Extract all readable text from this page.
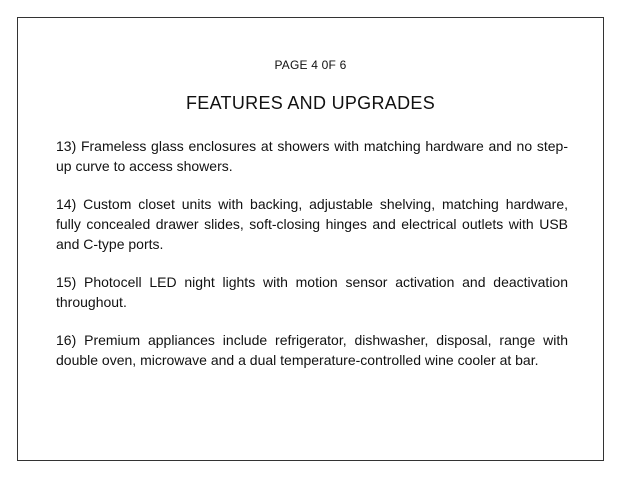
PAGE 4 0F 6
FEATURES AND UPGRADES
13) Frameless glass enclosures at showers with matching hardware and no step-up curve to access showers.
14) Custom closet units with backing, adjustable shelving, matching hardware, fully concealed drawer slides, soft-closing hinges and electrical outlets with USB and C-type ports.
15) Photocell LED night lights with motion sensor activation and deactivation throughout.
16) Premium appliances include refrigerator, dishwasher, disposal, range with double oven, microwave and a dual temperature-controlled wine cooler at bar.
